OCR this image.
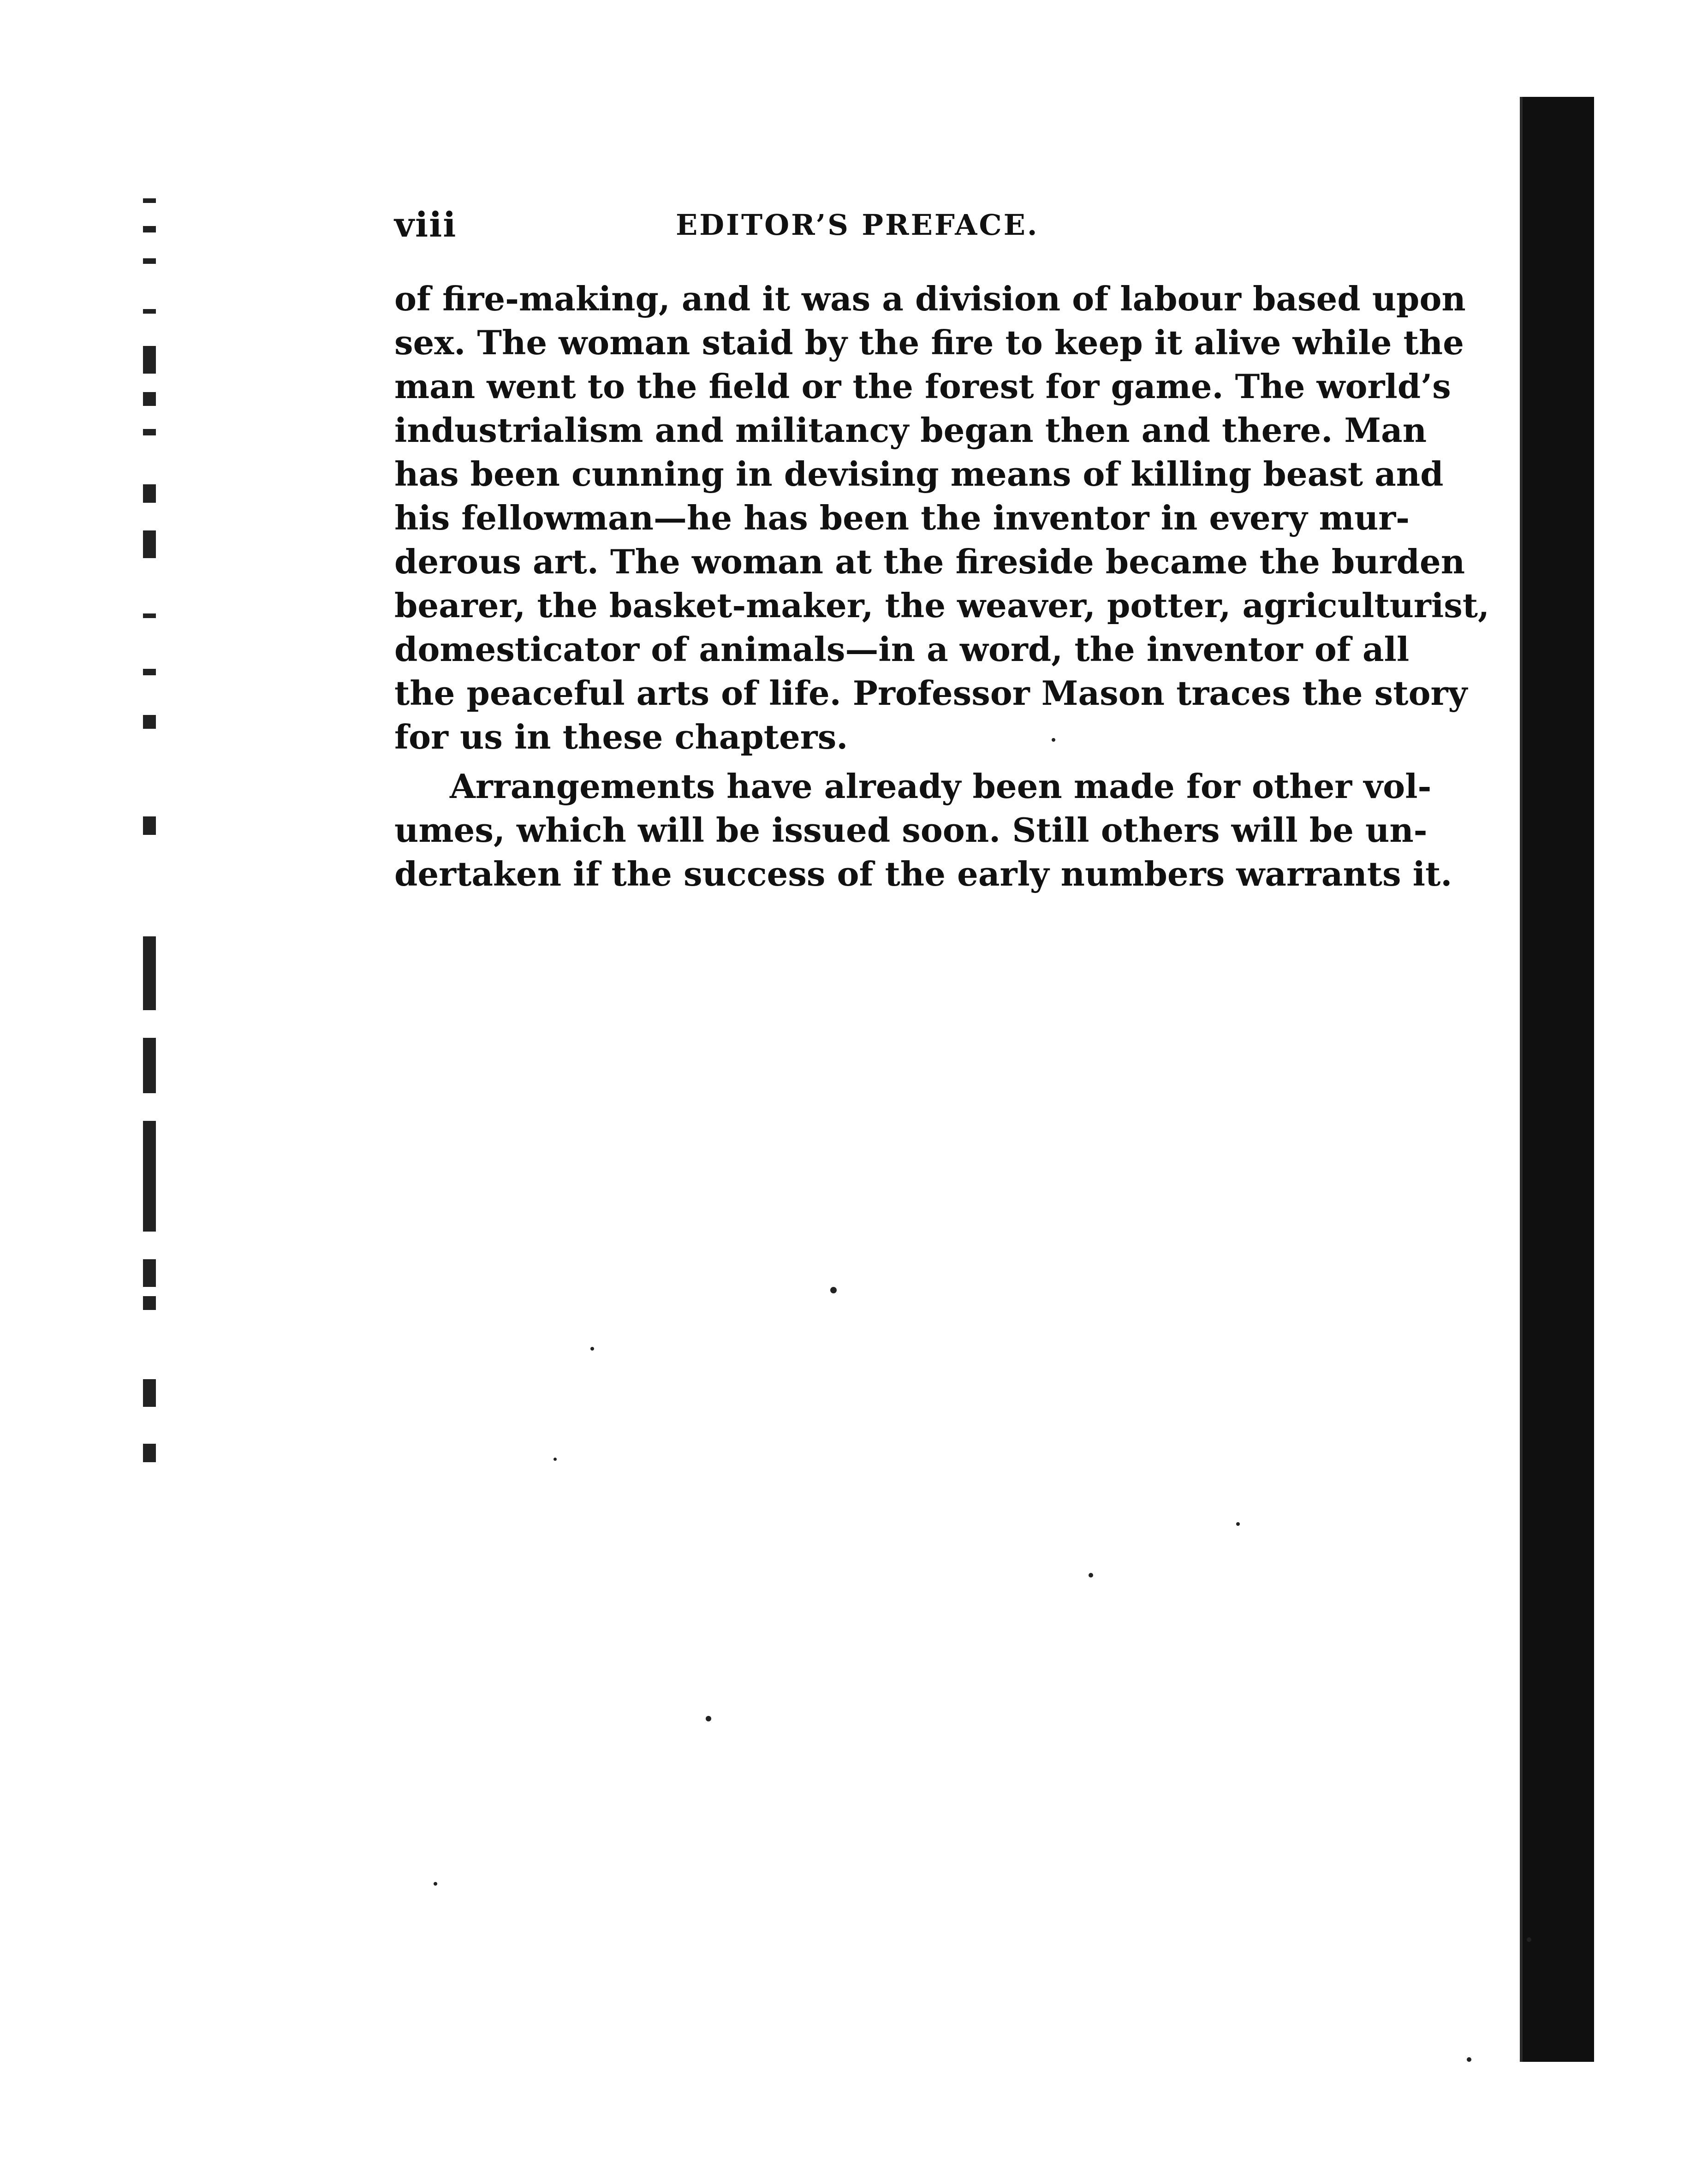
viii	EDITOR’S PREFACE.
of fire-making, and it was a division of labour based upon
sex. The woman staid by the fire to keep it alive while the
man went to the field or the forest for game. The world’s
industrialism and militancy began then and there. Man
has been cunning in devising means of killing beast and
his fellowman—he has been the inventor in every mur-
derous art. The woman at the fireside became the burden
bearer, the basket-maker, the weaver, potter, agriculturist,
domesticator of animals—in a word, the inventor of all
the peaceful arts of life. Professor Mason traces the story
for us in these chapters.
Arrangements have already been made for other vol-
umes, which will be issued soon. Still others will be un-
dertaken if the success of the early numbers warrants it.
